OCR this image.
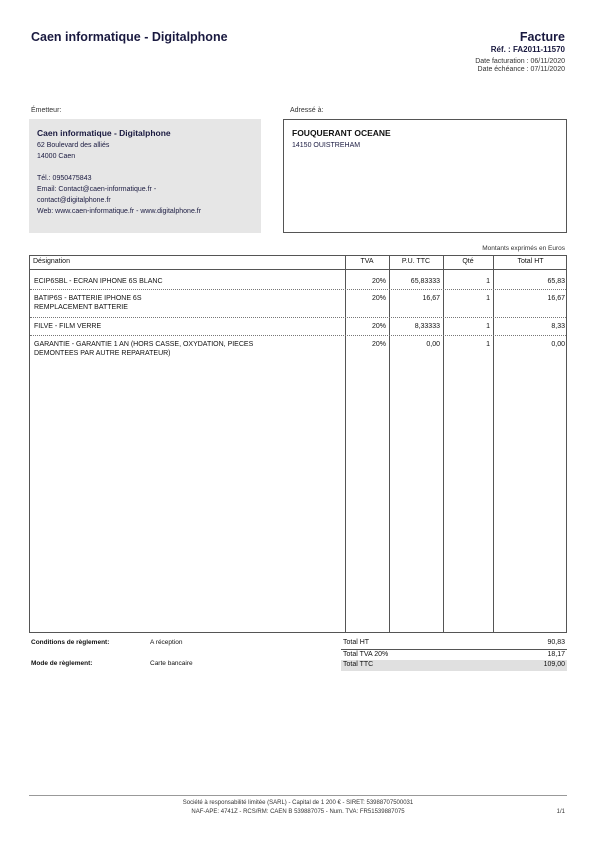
Caen informatique - Digitalphone	Facture
Réf. : FA2011-11570
Date facturation : 06/11/2020
Date échéance : 07/11/2020
Émetteur:
Caen informatique - Digitalphone
62 Boulevard des alliés
14000 Caen
Tél.: 0950475843
Email: Contact@caen-informatique.fr -
contact@digitalphone.fr
Web: www.caen-informatique.fr - www.digitalphone.fr
Adressé à:
FOUQUERANT OCEANE
14150 OUISTREHAM
Montants exprimés en Euros
Désignation	TVA	P.U. TTC	Qté	Total HT
ECIP6SBL - ECRAN IPHONE 6S BLANC	20%	65,83333	1	65,83
BATIP6S - BATTERIE IPHONE 6S
REMPLACEMENT BATTERIE
20%	16,67	1	16,67
FILVE - FILM VERRE	20%	8,33333	1	8,33
GARANTIE - GARANTIE 1 AN (HORS CASSE, OXYDATION, PIECES
DEMONTEES PAR AUTRE REPARATEUR)
20%	0,00	1	0,00
Conditions de règlement:	A réception
Mode de règlement:	Carte bancaire
Total HT	90,83
Total TVA 20%	18,17
Total TTC	109,00
Société à responsabilité limitée (SARL) - Capital de 1 200 € - SIRET: 53988707500031
NAF-APE: 4741Z - RCS/RM: CAEN B 539887075 - Num. TVA: FR51539887075	1/1
